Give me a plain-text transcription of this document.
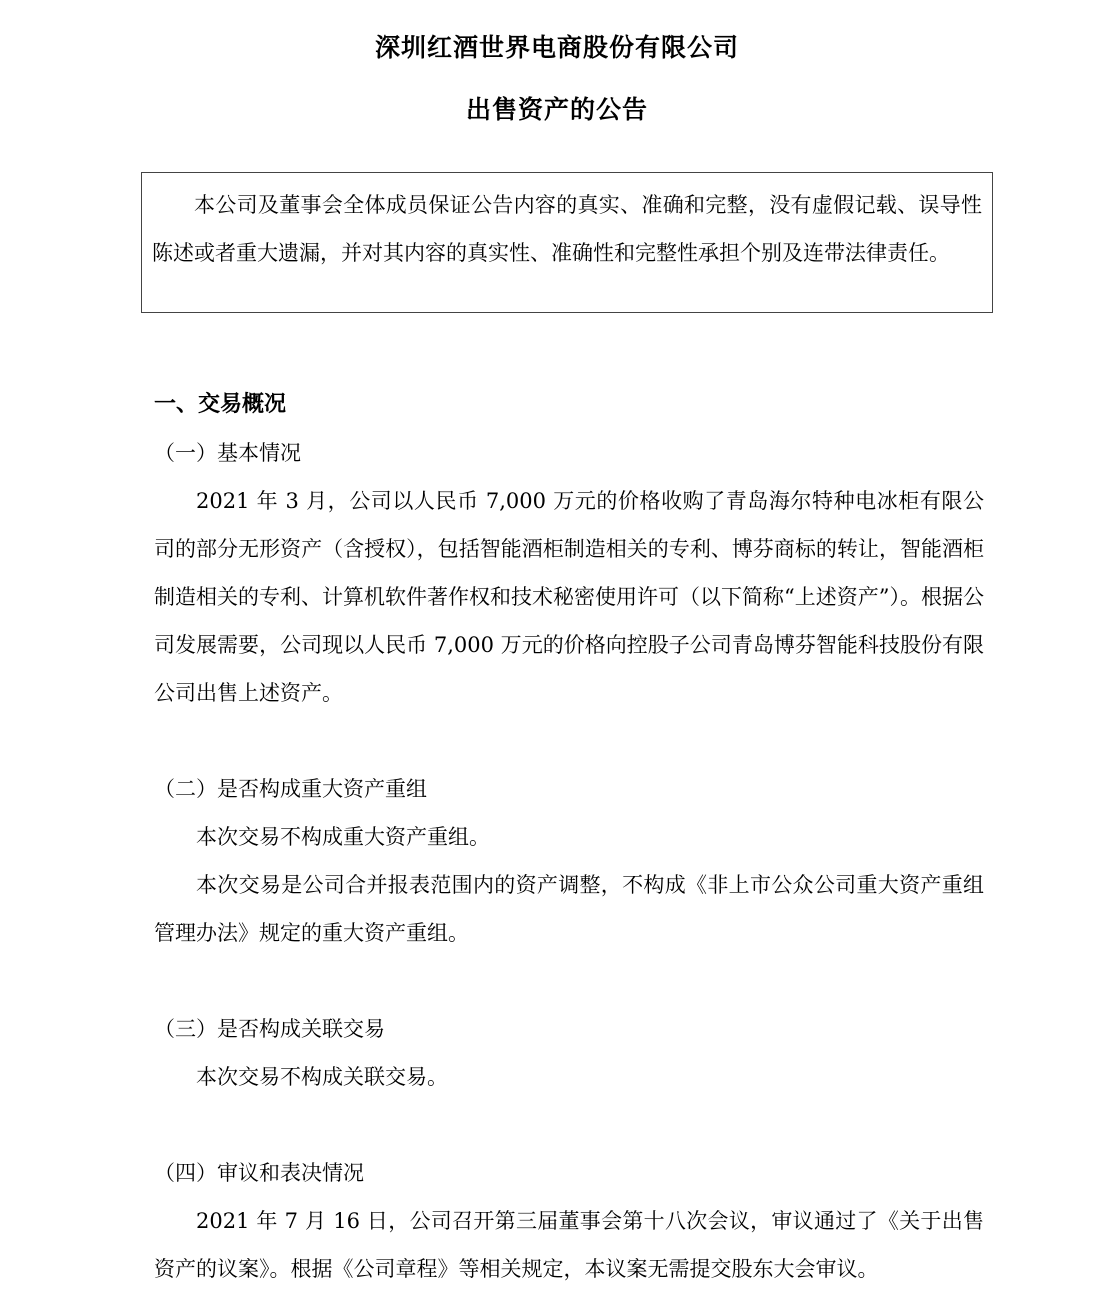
深圳红酒世界电商股份有限公司
出售资产的公告

本公司及董事会全体成员保证公告内容的真实、准确和完整，没有虚假记载、误导性陈述或者重大遗漏，并对其内容的真实性、准确性和完整性承担个别及连带法律责任。

一、交易概况

（一）基本情况

2021 年 3 月，公司以人民币 7,000 万元的价格收购了青岛海尔特种电冰柜有限公司的部分无形资产（含授权），包括智能酒柜制造相关的专利、博芬商标的转让，智能酒柜制造相关的专利、计算机软件著作权和技术秘密使用许可（以下简称“上述资产”）。根据公司发展需要，公司现以人民币 7,000 万元的价格向控股子公司青岛博芬智能科技股份有限公司出售上述资产。

（二）是否构成重大资产重组

本次交易不构成重大资产重组。

本次交易是公司合并报表范围内的资产调整，不构成《非上市公众公司重大资产重组管理办法》规定的重大资产重组。

（三）是否构成关联交易

本次交易不构成关联交易。

（四）审议和表决情况

2021 年 7 月 16 日，公司召开第三届董事会第十八次会议，审议通过了《关于出售资产的议案》。根据《公司章程》等相关规定，本议案无需提交股东大会审议。
